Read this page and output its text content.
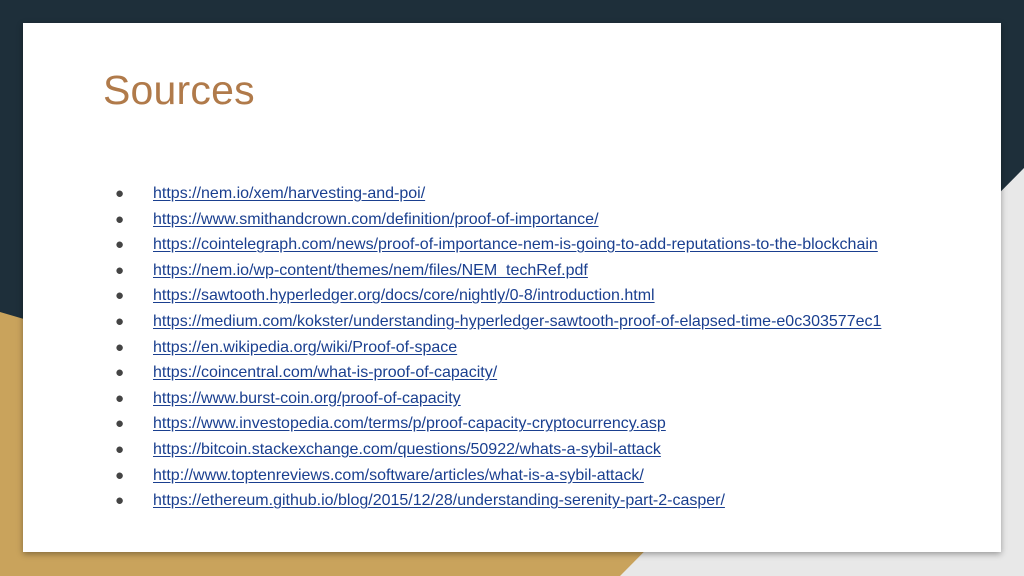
Sources
● https://nem.io/xem/harvesting-and-poi/
● https://www.smithandcrown.com/definition/proof-of-importance/
● https://cointelegraph.com/news/proof-of-importance-nem-is-going-to-add-reputations-to-the-blockchain
● https://nem.io/wp-content/themes/nem/files/NEM_techRef.pdf
● https://sawtooth.hyperledger.org/docs/core/nightly/0-8/introduction.html
● https://medium.com/kokster/understanding-hyperledger-sawtooth-proof-of-elapsed-time-e0c303577ec1
● https://en.wikipedia.org/wiki/Proof-of-space
● https://coincentral.com/what-is-proof-of-capacity/
● https://www.burst-coin.org/proof-of-capacity
● https://www.investopedia.com/terms/p/proof-capacity-cryptocurrency.asp
● https://bitcoin.stackexchange.com/questions/50922/whats-a-sybil-attack
● http://www.toptenreviews.com/software/articles/what-is-a-sybil-attack/
● https://ethereum.github.io/blog/2015/12/28/understanding-serenity-part-2-casper/
